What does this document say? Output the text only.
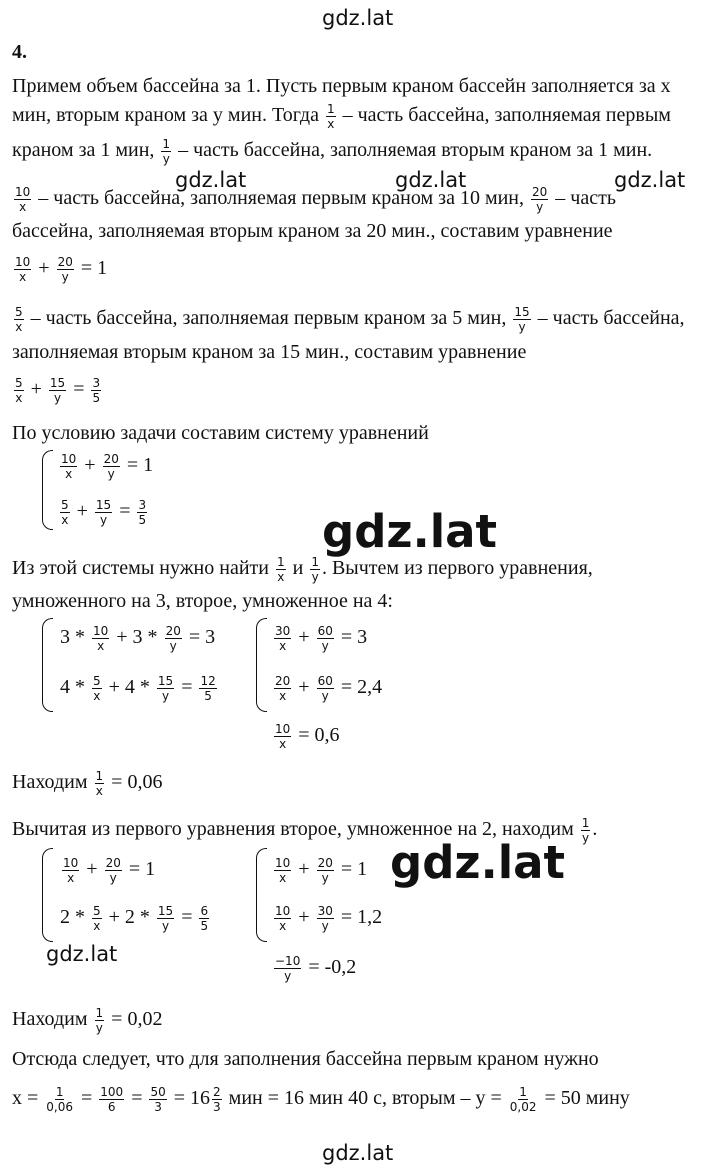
gdz.lat
gdz.lat	gdz.lat	gdz.lat
gdz.lat
gdz.lat
gdz.lat
gdz.lat
4.
Примем объем бассейна за 1. Пусть первым краном бассейн заполняется за x
мин, вторым краном за y мин. Тогда $\frac{1}{x}$ – часть бассейна, заполняемая первым
краном за 1 мин, $\frac{1}{y}$ – часть бассейна, заполняемая вторым краном за 1 мин.
$\frac{10}{x}$ – часть бассейна, заполняемая первым краном за 10 мин, $\frac{20}{y}$ – часть
бассейна, заполняемая вторым краном за 20 мин., составим уравнение
$\frac{10}{x} + \frac{20}{y} = 1$
$\frac{5}{x}$ – часть бассейна, заполняемая первым краном за 5 мин, $\frac{15}{y}$ – часть бассейна,
заполняемая вторым краном за 15 мин., составим уравнение
$\frac{5}{x} + \frac{15}{y} = \frac{3}{5}$
По условию задачи составим систему уравнений
$\frac{10}{x} + \frac{20}{y} = 1$
$\frac{5}{x} + \frac{15}{y} = \frac{3}{5}$
Из этой системы нужно найти $\frac{1}{x}$ и $\frac{1}{y}$ . Вычтем из первого уравнения,
умноженного на 3, второе, умноженное на 4:
$3 * \frac{10}{x} + 3 * \frac{20}{y} = 3$
$4 * \frac{5}{x} + 4 * \frac{15}{y} = \frac{12}{5}$
$\frac{30}{x} + \frac{60}{y} = 3$
$\frac{20}{x} + \frac{60}{y} = 2,4$
$\frac{10}{x} = 0,6$
Находим $\frac{1}{x} = 0,06$
Вычитая из первого уравнения второе, умноженное на 2, находим $\frac{1}{y}$ .
$\frac{10}{x} + \frac{20}{y} = 1$
$2 * \frac{5}{x} + 2 * \frac{15}{y} = \frac{6}{5}$
$\frac{10}{x} + \frac{20}{y} = 1$
$\frac{10}{x} + \frac{30}{y} = 1,2$
$\frac{-10}{y} = -0,2$
Находим $\frac{1}{y} = 0,02$
Отсюда следует, что для заполнения бассейна первым краном нужно
$x = \frac{1}{0,06} = \frac{100}{6} = \frac{50}{3} = 16 \frac{2}{3}$ мин = 16 мин 40 с, вторым – $y = \frac{1}{0,02} = 50$ мину
